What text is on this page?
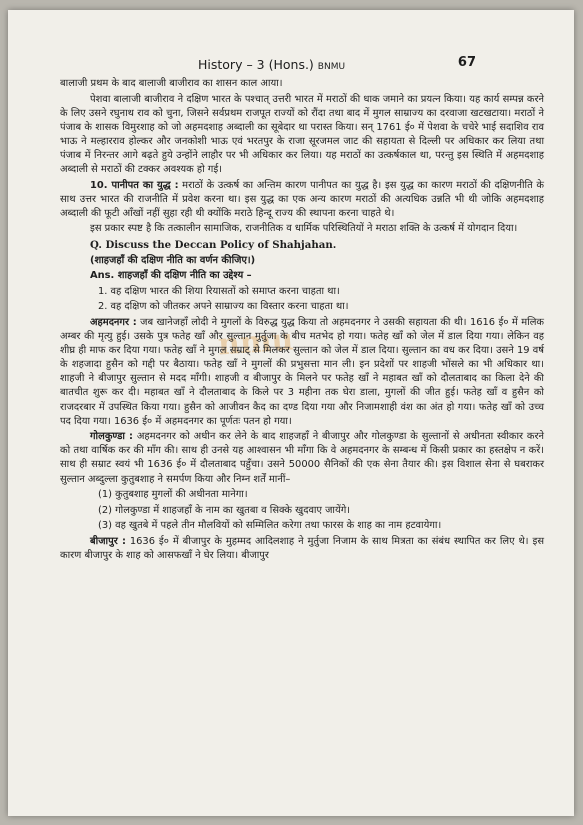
History – 3 (Hons.) BNMU	67
nmu

बालाजी प्रथम के बाद बालाजी बाजीराव का शासन काल आया।

पेशवा बालाजी बाजीराव ने दक्षिण भारत के पश्चात् उत्तरी भारत में मराठों की धाक जमाने का प्रयत्न किया। यह कार्य सम्पन्न करने के लिए उसने रघुनाथ राव को चुना, जिसने सर्वप्रथम राजपूत राज्यों को रौंदा तथा बाद में मुगल साम्राज्य का दरवाजा खटखटाया। मराठों ने पंजाब के शासक विमुरशाह को जो अहमदशाह अब्दाली का सूबेदार था परास्त किया। सन् 1761 ई० में पेशवा के चचेरे भाई सदाशिव राव भाऊ ने मल्हारराव होल्कर और जनकोशी भाऊ एवं भरतपुर के राजा सूरजमल जाट की सहायता से दिल्ली पर अधिकार कर लिया तथा पंजाब में निरन्तर आगे बढ़ते हुये उन्होंने लाहौर पर भी अधिकार कर लिया। यह मराठों का उत्कर्षकाल था, परन्तु इस स्थिति में अहमदशाह अब्दाली से मराठों की टक्कर अवश्यक हो गई।

10. पानीपत का युद्ध : मराठों के उत्कर्ष का अन्तिम कारण पानीपत का युद्ध है। इस युद्ध का कारण मराठों की दक्षिणनीति के साथ उत्तर भारत की राजनीति में प्रवेश करना था। इस युद्ध का एक अन्य कारण मराठों की अत्यधिक उन्नति भी थी जोकि अहमदशाह अब्दाली की फूटी आँखों नहीं सुहा रही थी क्योंकि मराठे हिन्दू राज्य की स्थापना करना चाहते थे।

इस प्रकार स्पष्ट है कि तत्कालीन सामाजिक, राजनीतिक व धार्मिक परिस्थितियों ने मराठा शक्ति के उत्कर्ष में योगदान दिया।

Q. Discuss the Deccan Policy of Shahjahan.

(शाहजहाँ की दक्षिण नीति का वर्णन कीजिए।)

Ans. शाहजहाँ की दक्षिण नीति का उद्देश्य –

1. वह दक्षिण भारत की शिया रियासतों को समाप्त करना चाहता था।

2. वह दक्षिण को जीतकर अपने साम्राज्य का विस्तार करना चाहता था।

अहमदनगर : जब खानेजहाँ लोदी ने मुगलों के विरुद्ध युद्ध किया तो अहमदनगर ने उसकी सहायता की थी। 1616 ई० में मलिक अम्बर की मृत्यु हुई। उसके पुत्र फतेह खाँ और सुल्तान मुर्तुजा के बीच मतभेद हो गया। फतेह खाँ को जेल में डाल दिया गया। लेकिन वह शीघ्र ही माफ कर दिया गया। फतेह खाँ ने मुगल सम्राट् से मिलकर सुल्तान को जेल में डाल दिया। सुल्तान का वध कर दिया। उसने 19 वर्ष के शहजादा हुसैन को गद्दी पर बैठाया। फतेह खाँ ने मुगलों की प्रभुसत्ता मान ली। इन प्रदेशों पर शाहजी भोंसले का भी अधिकार था। शाहजी ने बीजापुर सुल्तान से मदद माँगी। शाहजी व बीजापुर के मिलने पर फतेह खाँ ने महाबत खाँ को दौलताबाद का किला देने की बातचीत शुरू कर दी। महाबत खाँ ने दौलताबाद के किले पर 3 महीना तक घेरा डाला, मुगलों की जीत हुई। फतेह खाँ व हुसैन को राजदरबार में उपस्थित किया गया। हुसैन को आजीवन कैद का दण्ड दिया गया और निजामशाही वंश का अंत हो गया। फतेह खाँ को उच्च पद दिया गया। 1636 ई० में अहमदनगर का पूर्णतः पतन हो गया।

गोलकुण्डा : अहमदनगर को अधीन कर लेने के बाद शाहजहाँ ने बीजापुर और गोलकुण्डा के सुल्तानों से अधीनता स्वीकार करने को तथा वार्षिक कर की माँग की। साथ ही उनसे यह आश्वासन भी माँगा कि वे अहमदनगर के सम्बन्ध में किसी प्रकार का हस्तक्षेप न करें। साथ ही सम्राट स्वयं भी 1636 ई० में दौलताबाद पहुँचा। उसने 50000 सैनिकों की एक सेना तैयार की। इस विशाल सेना से घबराकर सुल्तान अब्दुल्ला कुतुबशाह ने समर्पण किया और निम्न शर्तें मानीं–

(1) कुतुबशाह मुगलों की अधीनता मानेगा।

(2) गोलकुण्डा में शाहजहाँ के नाम का खुतबा व सिक्के खुदवाए जायेंगे।

(3) वह खुतबे में पहले तीन मौलवियों को सम्मिलित करेगा तथा फारस के शाह का नाम हटवायेगा।

बीजापुर : 1636 ई० में बीजापुर के मुहम्मद आदिलशाह ने मुर्तुजा निजाम के साथ मित्रता का संबंध स्थापित कर लिए थे। इस कारण बीजापुर के शाह को आसफखाँ ने घेर लिया। बीजापुर
